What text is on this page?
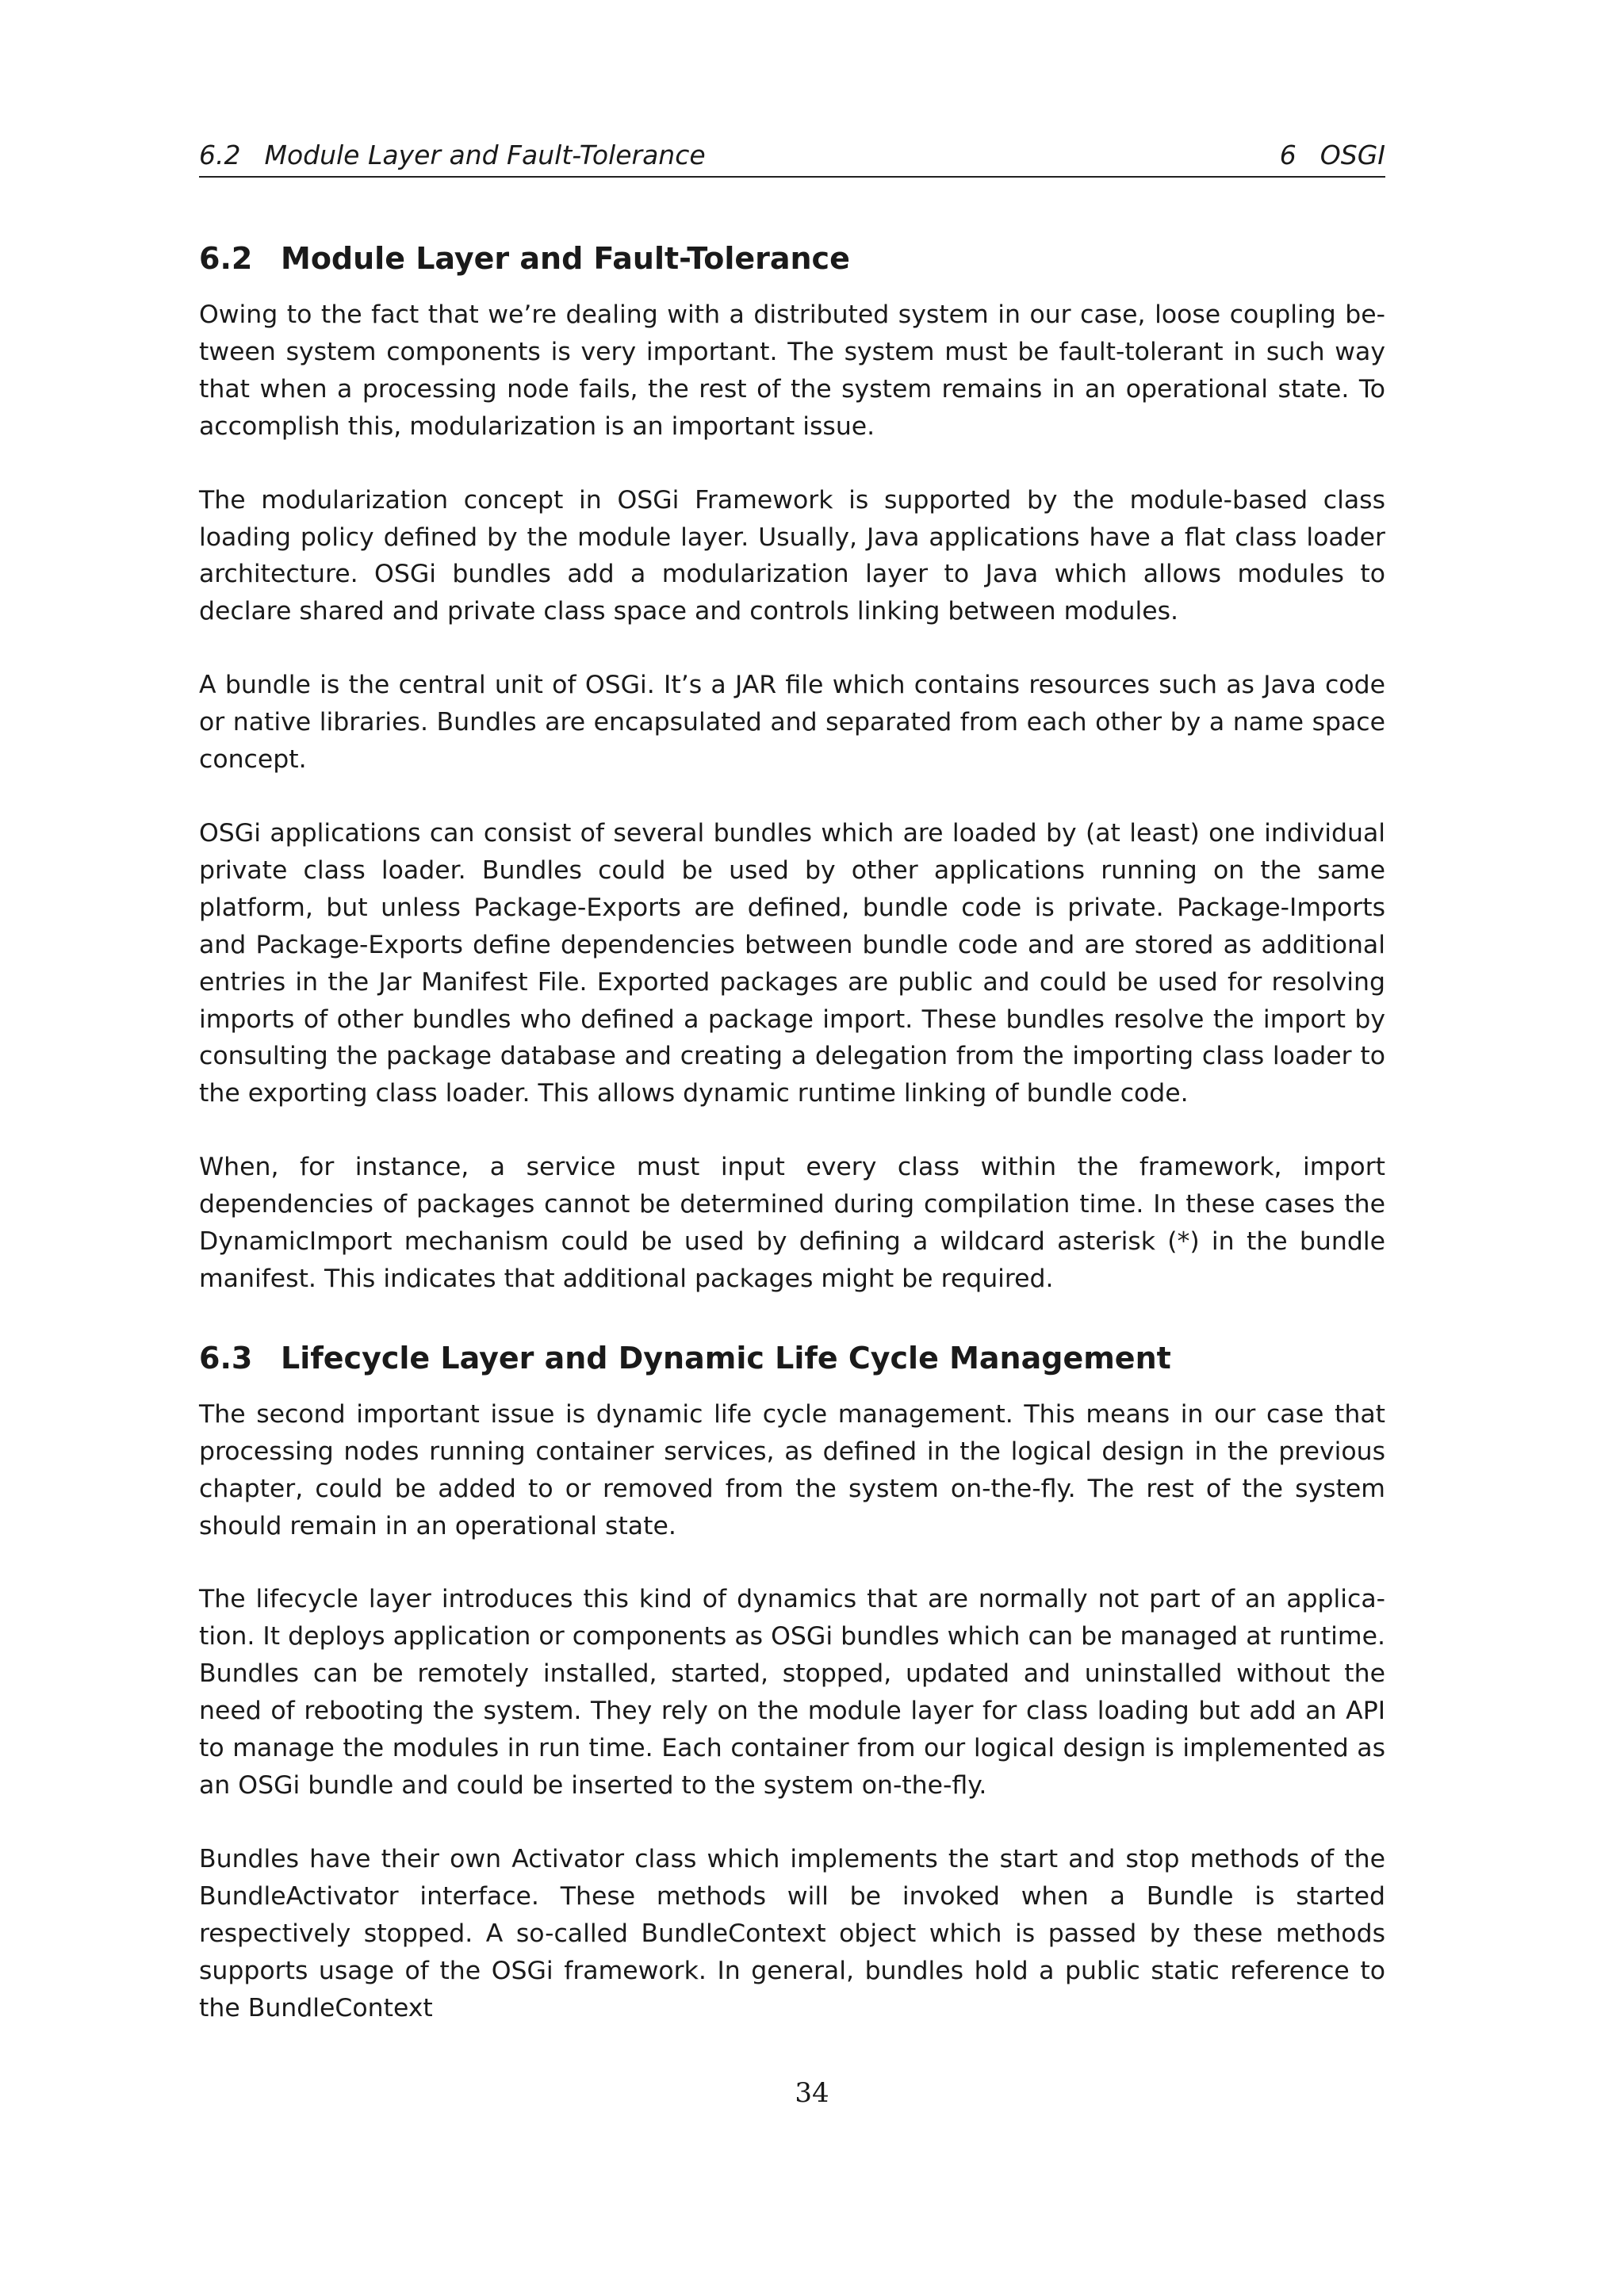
6.2 Module Layer and Fault-Tolerance	6 OSGI
6.2 Module Layer and Fault-Tolerance

Owing to the fact that we’re dealing with a distributed system in our case, loose coupling between system components is very important. The system must be fault-tolerant in such way that when a processing node fails, the rest of the system remains in an operational state. To accomplish this, modularization is an important issue.

The modularization concept in OSGi Framework is supported by the module-based class loading policy defined by the module layer. Usually, Java applications have a flat class loader architecture. OSGi bundles add a modularization layer to Java which allows modules to declare shared and private class space and controls linking between modules.

A bundle is the central unit of OSGi. It’s a JAR file which contains resources such as Java code or native libraries. Bundles are encapsulated and separated from each other by a name space concept.

OSGi applications can consist of several bundles which are loaded by (at least) one individual private class loader. Bundles could be used by other applications running on the same platform, but unless Package-Exports are defined, bundle code is private. Package-Imports and Package-Exports define dependencies between bundle code and are stored as additional entries in the Jar Manifest File. Exported packages are public and could be used for resolving imports of other bundles who defined a package import. These bundles resolve the import by consulting the package database and creating a delegation from the importing class loader to the exporting class loader. This allows dynamic runtime linking of bundle code.

When, for instance, a service must input every class within the framework, import dependencies of packages cannot be determined during compilation time. In these cases the DynamicImport mechanism could be used by defining a wildcard asterisk (*) in the bundle manifest. This indicates that additional packages might be required.

6.3 Lifecycle Layer and Dynamic Life Cycle Management

The second important issue is dynamic life cycle management. This means in our case that processing nodes running container services, as defined in the logical design in the previous chapter, could be added to or removed from the system on-the-fly. The rest of the system should remain in an operational state.

The lifecycle layer introduces this kind of dynamics that are normally not part of an application. It deploys application or components as OSGi bundles which can be managed at runtime. Bundles can be remotely installed, started, stopped, updated and uninstalled without the need of rebooting the system. They rely on the module layer for class loading but add an API to manage the modules in run time. Each container from our logical design is implemented as an OSGi bundle and could be inserted to the system on-the-fly.

Bundles have their own Activator class which implements the start and stop methods of the BundleActivator interface. These methods will be invoked when a Bundle is started respectively stopped. A so-called BundleContext object which is passed by these methods supports usage of the OSGi framework. In general, bundles hold a public static reference to the BundleContext

34
